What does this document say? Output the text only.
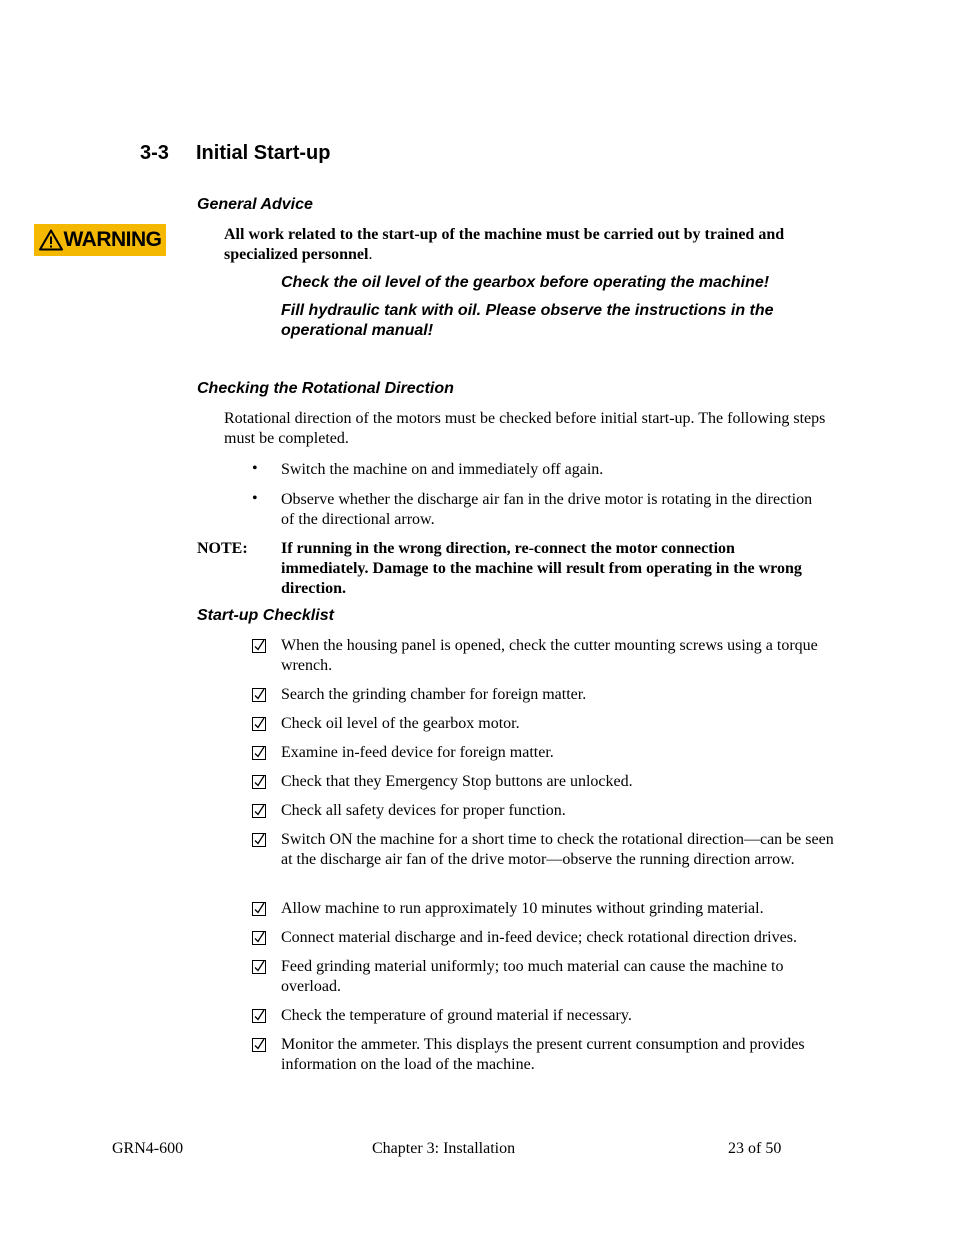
3-3 Initial Start-up
General Advice
WARNING	All work related to the start-up of the machine must be carried out by trained and specialized personnel.
Check the oil level of the gearbox before operating the machine!
Fill hydraulic tank with oil. Please observe the instructions in the operational manual!
Checking the Rotational Direction
Rotational direction of the motors must be checked before initial start-up. The following steps must be completed.
• Switch the machine on and immediately off again.
• Observe whether the discharge air fan in the drive motor is rotating in the direction of the directional arrow.
NOTE: If running in the wrong direction, re-connect the motor connection immediately. Damage to the machine will result from operating in the wrong direction.
Start-up Checklist
When the housing panel is opened, check the cutter mounting screws using a torque wrench.
Search the grinding chamber for foreign matter.
Check oil level of the gearbox motor.
Examine in-feed device for foreign matter.
Check that they Emergency Stop buttons are unlocked.
Check all safety devices for proper function.
Switch ON the machine for a short time to check the rotational direction—can be seen at the discharge air fan of the drive motor—observe the running direction arrow.
Allow machine to run approximately 10 minutes without grinding material.
Connect material discharge and in-feed device; check rotational direction drives.
Feed grinding material uniformly; too much material can cause the machine to overload.
Check the temperature of ground material if necessary.
Monitor the ammeter. This displays the present current consumption and provides information on the load of the machine.
GRN4-600	Chapter 3: Installation	23 of 50
